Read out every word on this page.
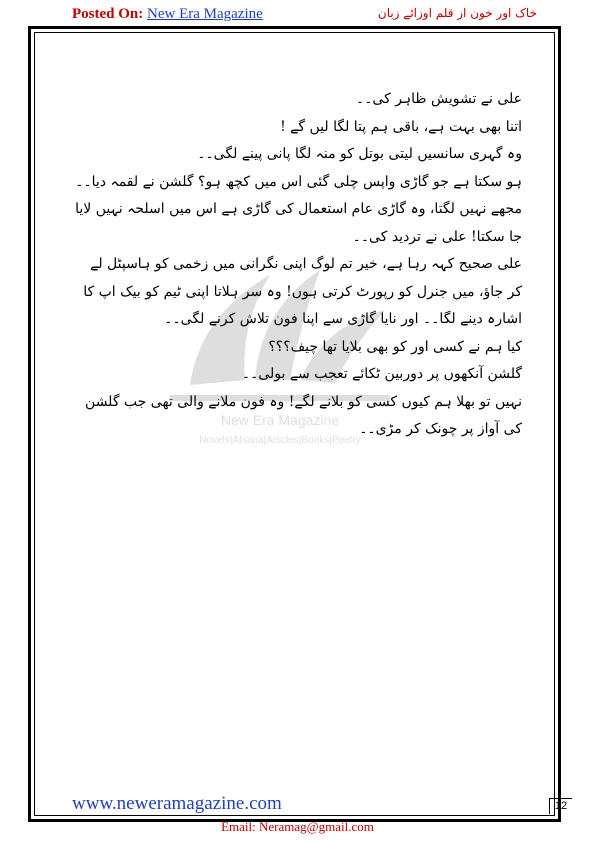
Posted On: New Era Magazine	خاک اور خون از قلم اوزائے زبان
New Era Magazine
Novels|Afsana|Articles|Books|Poetry

علی نے تشویش ظاہر کی۔۔

اتنا بھی بہت ہے، باقی ہم پتا لگا لیں گے !

وہ گہری سانسیں لیتی بوتل کو منہ لگا پانی پینے لگی۔۔

ہو سکتا ہے جو گاڑی واپس چلی گئی اس میں کچھ ہو؟ گلشن نے لقمہ دیا۔۔

مجھے نہیں لگتا، وہ گاڑی عام استعمال کی گاڑی ہے اس میں اسلحہ نہیں لایا جا سکتا! علی نے تردید کی۔۔

علی صحیح کہہ رہا ہے، خیر تم لوگ اپنی نگرانی میں زخمی کو ہاسپٹل لے کر جاؤ، میں جنرل کو رپورٹ کرتی ہوں! وہ سر ہلاتا اپنی ٹیم کو بیک اپ کا اشارہ دینے لگا۔۔ اور نایا گاڑی سے اپنا فون تلاش کرنے لگی۔۔

کیا ہم نے کسی اور کو بھی بلایا تھا چیف؟؟؟

گلشن آنکھوں پر دوربین ٹکائے تعجب سے بولی۔۔

نہیں تو بھلا ہم کیوں کسی کو بلانے لگے! وہ فون ملانے والی تھی جب گلشن کی آواز پر چونک کر مڑی۔۔

www.neweramagazine.com	12
Email: Neramag@gmail.com
